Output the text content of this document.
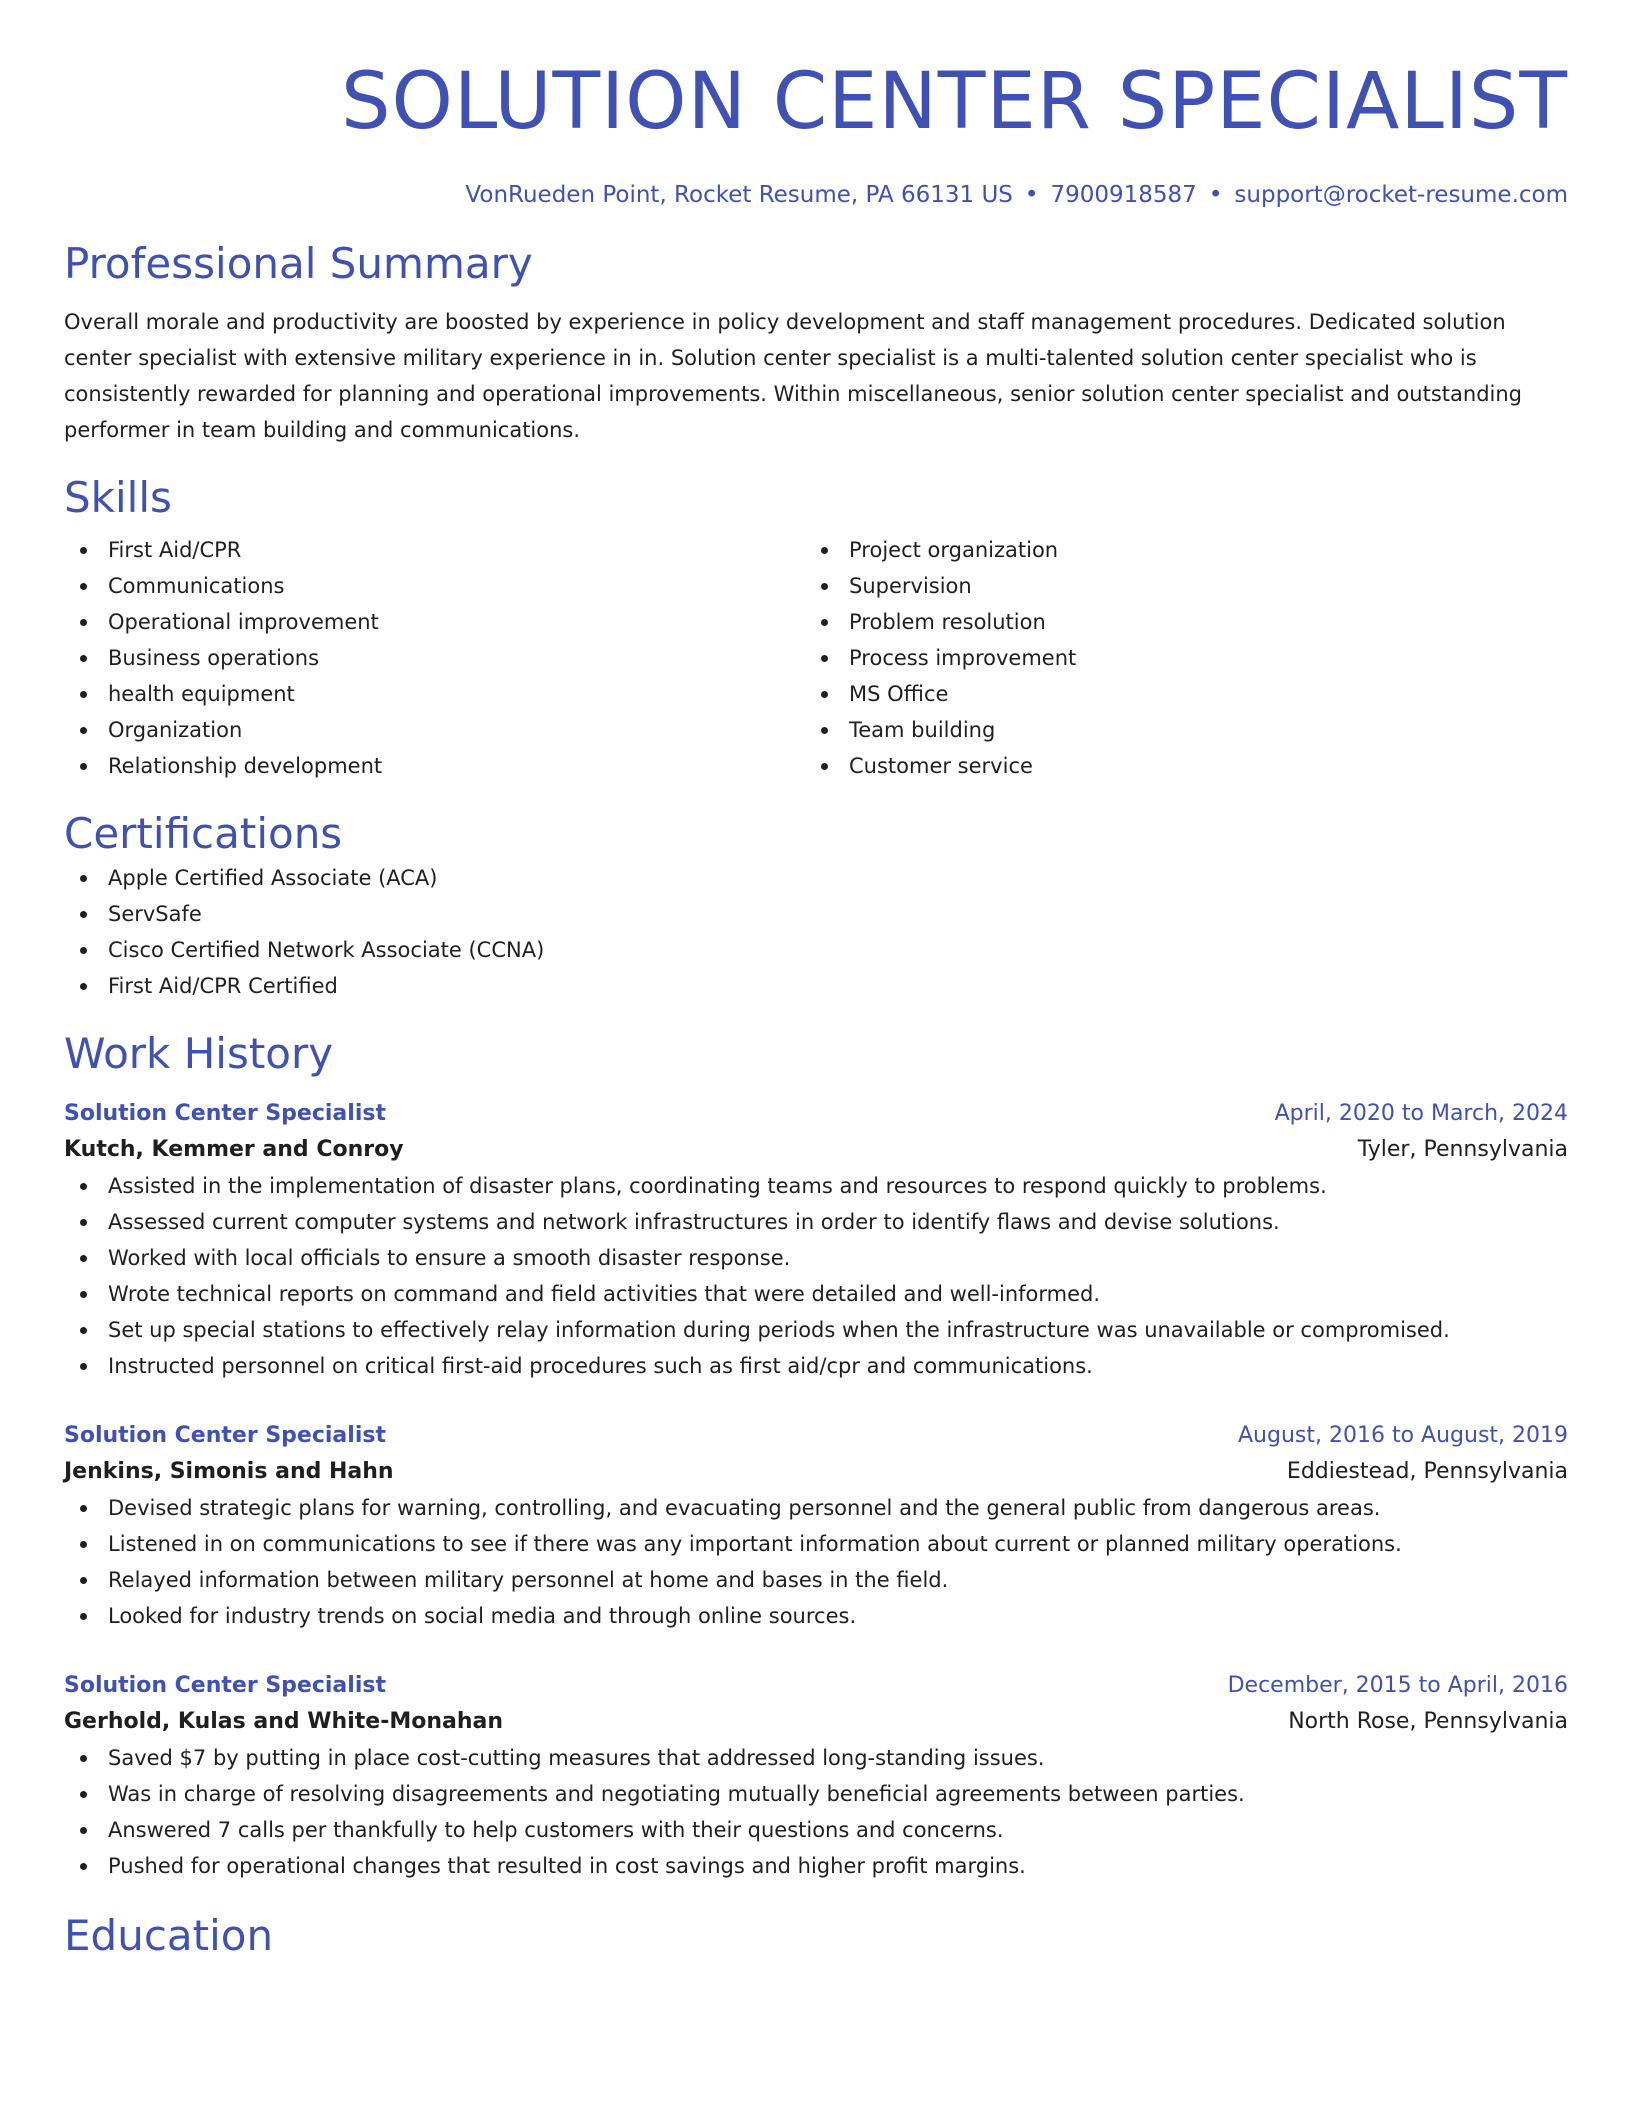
SOLUTION CENTER SPECIALIST
VonRueden Point, Rocket Resume, PA 66131 US • 7900918587 • support@rocket-resume.com
Professional Summary
Overall morale and productivity are boosted by experience in policy development and staff management procedures. Dedicated solution center specialist with extensive military experience in in. Solution center specialist is a multi-talented solution center specialist who is consistently rewarded for planning and operational improvements. Within miscellaneous, senior solution center specialist and outstanding performer in team building and communications.
Skills
First Aid/CPR
Communications
Operational improvement
Business operations
health equipment
Organization
Relationship development
Project organization
Supervision
Problem resolution
Process improvement
MS Office
Team building
Customer service
Certifications
Apple Certified Associate (ACA)
ServSafe
Cisco Certified Network Associate (CCNA)
First Aid/CPR Certified
Work History
Solution Center Specialist	April, 2020 to March, 2024
Kutch, Kemmer and Conroy	Tyler, Pennsylvania
Assisted in the implementation of disaster plans, coordinating teams and resources to respond quickly to problems.
Assessed current computer systems and network infrastructures in order to identify flaws and devise solutions.
Worked with local officials to ensure a smooth disaster response.
Wrote technical reports on command and field activities that were detailed and well-informed.
Set up special stations to effectively relay information during periods when the infrastructure was unavailable or compromised.
Instructed personnel on critical first-aid procedures such as first aid/cpr and communications.
Solution Center Specialist	August, 2016 to August, 2019
Jenkins, Simonis and Hahn	Eddiestead, Pennsylvania
Devised strategic plans for warning, controlling, and evacuating personnel and the general public from dangerous areas.
Listened in on communications to see if there was any important information about current or planned military operations.
Relayed information between military personnel at home and bases in the field.
Looked for industry trends on social media and through online sources.
Solution Center Specialist	December, 2015 to April, 2016
Gerhold, Kulas and White-Monahan	North Rose, Pennsylvania
Saved $7 by putting in place cost-cutting measures that addressed long-standing issues.
Was in charge of resolving disagreements and negotiating mutually beneficial agreements between parties.
Answered 7 calls per thankfully to help customers with their questions and concerns.
Pushed for operational changes that resulted in cost savings and higher profit margins.
Education
